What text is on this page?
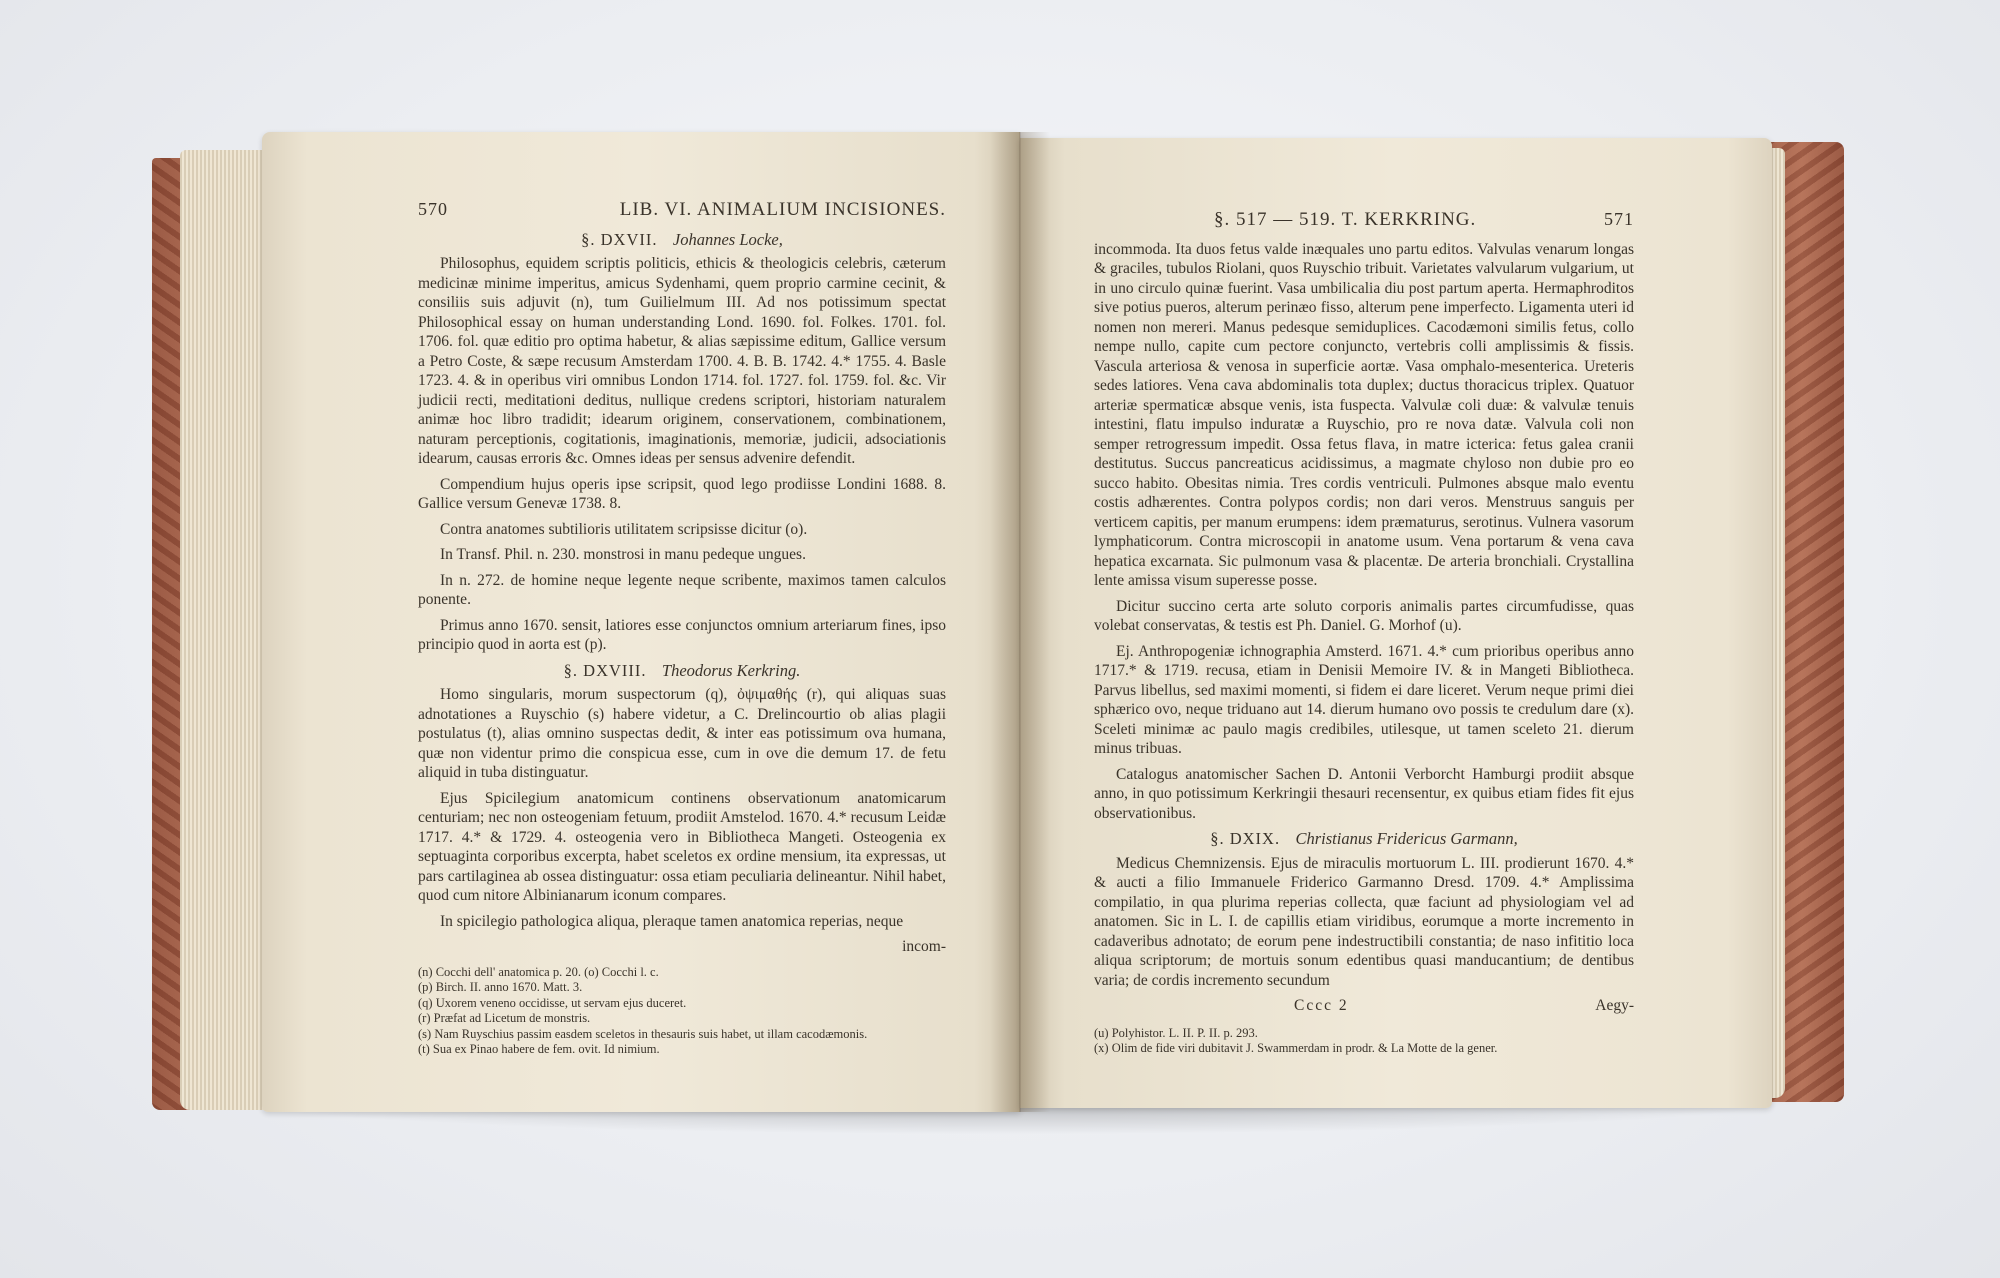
570	LIB. VI. ANIMALIUM INCISIONES.
§. DXVII. Johannes Locke,

Philosophus, equidem scriptis politicis, ethicis & theologicis celebris, cæterum medicinæ minime imperitus, amicus Sydenhami, quem proprio carmine cecinit, & consiliis suis adjuvit (n), tum Guilielmum III. Ad nos potissimum spectat Philosophical essay on human understanding Lond. 1690. fol. Folkes. 1701. fol. 1706. fol. quæ editio pro optima habetur, & alias sæpissime editum, Gallice versum a Petro Coste, & sæpe recusum Amsterdam 1700. 4. B. B. 1742. 4.* 1755. 4. Basle 1723. 4. & in operibus viri omnibus London 1714. fol. 1727. fol. 1759. fol. &c. Vir judicii recti, meditationi deditus, nullique credens scriptori, historiam naturalem animæ hoc libro tradidit; idearum originem, conservationem, combinationem, naturam perceptionis, cogitationis, imaginationis, memoriæ, judicii, adsociationis idearum, causas erroris &c. Omnes ideas per sensus advenire defendit.

Compendium hujus operis ipse scripsit, quod lego prodiisse Londini 1688. 8. Gallice versum Genevæ 1738. 8.

Contra anatomes subtilioris utilitatem scripsisse dicitur (o).

In Transf. Phil. n. 230. monstrosi in manu pedeque ungues.

In n. 272. de homine neque legente neque scribente, maximos tamen calculos ponente.

Primus anno 1670. sensit, latiores esse conjunctos omnium arteriarum fines, ipso principio quod in aorta est (p).

§. DXVIII. Theodorus Kerkring.

Homo singularis, morum suspectorum (q), ὀψιμαθής (r), qui aliquas suas adnotationes a Ruyschio (s) habere videtur, a C. Drelincourtio ob alias plagii postulatus (t), alias omnino suspectas dedit, & inter eas potissimum ova humana, quæ non videntur primo die conspicua esse, cum in ove die demum 17. de fetu aliquid in tuba distinguatur.

Ejus Spicilegium anatomicum continens observationum anatomicarum centuriam; nec non osteogeniam fetuum, prodiit Amstelod. 1670. 4.* recusum Leidæ 1717. 4.* & 1729. 4. osteogenia vero in Bibliotheca Mangeti. Osteogenia ex septuaginta corporibus excerpta, habet sceletos ex ordine mensium, ita expressas, ut pars cartilaginea ab ossea distinguatur: ossa etiam peculiaria delineantur. Nihil habet, quod cum nitore Albinianarum iconum compares.

In spicilegio pathologica aliqua, pleraque tamen anatomica reperias, neque

incom-

(n) Cocchi dell' anatomica p. 20. (o) Cocchi l. c.
(p) Birch. II. anno 1670. Matt. 3.
(q) Uxorem veneno occidisse, ut servam ejus duceret.
(r) Præfat ad Licetum de monstris.
(s) Nam Ruyschius passim easdem sceletos in thesauris suis habet, ut illam cacodæmonis.
(t) Sua ex Pinao habere de fem. ovit. Id nimium.
§. 517 — 519. T. KERKRING.	571

incommoda. Ita duos fetus valde inæquales uno partu editos. Valvulas venarum longas & graciles, tubulos Riolani, quos Ruyschio tribuit. Varietates valvularum vulgarium, ut in uno circulo quinæ fuerint. Vasa umbilicalia diu post partum aperta. Hermaphroditos sive potius pueros, alterum perinæo fisso, alterum pene imperfecto. Ligamenta uteri id nomen non mereri. Manus pedesque semiduplices. Cacodæmoni similis fetus, collo nempe nullo, capite cum pectore conjuncto, vertebris colli amplissimis & fissis. Vascula arteriosa & venosa in superficie aortæ. Vasa omphalo-mesenterica. Ureteris sedes latiores. Vena cava abdominalis tota duplex; ductus thoracicus triplex. Quatuor arteriæ spermaticæ absque venis, ista fuspecta. Valvulæ coli duæ: & valvulæ tenuis intestini, flatu impulso induratæ a Ruyschio, pro re nova datæ. Valvula coli non semper retrogressum impedit. Ossa fetus flava, in matre icterica: fetus galea cranii destitutus. Succus pancreaticus acidissimus, a magmate chyloso non dubie pro eo succo habito. Obesitas nimia. Tres cordis ventriculi. Pulmones absque malo eventu costis adhærentes. Contra polypos cordis; non dari veros. Menstruus sanguis per verticem capitis, per manum erumpens: idem præmaturus, serotinus. Vulnera vasorum lymphaticorum. Contra microscopii in anatome usum. Vena portarum & vena cava hepatica excarnata. Sic pulmonum vasa & placentæ. De arteria bronchiali. Crystallina lente amissa visum superesse posse.

Dicitur succino certa arte soluto corporis animalis partes circumfudisse, quas volebat conservatas, & testis est Ph. Daniel. G. Morhof (u).

Ej. Anthropogeniæ ichnographia Amsterd. 1671. 4.* cum prioribus operibus anno 1717.* & 1719. recusa, etiam in Denisii Memoire IV. & in Mangeti Bibliotheca. Parvus libellus, sed maximi momenti, si fidem ei dare liceret. Verum neque primi diei sphærico ovo, neque triduano aut 14. dierum humano ovo possis te credulum dare (x). Sceleti minimæ ac paulo magis credibiles, utilesque, ut tamen sceleto 21. dierum minus tribuas.

Catalogus anatomischer Sachen D. Antonii Verborcht Hamburgi prodiit absque anno, in quo potissimum Kerkringii thesauri recensentur, ex quibus etiam fides fit ejus observationibus.

§. DXIX. Christianus Fridericus Garmann,

Medicus Chemnizensis. Ejus de miraculis mortuorum L. III. prodierunt 1670. 4.* & aucti a filio Immanuele Friderico Garmanno Dresd. 1709. 4.* Amplissima compilatio, in qua plurima reperias collecta, quæ faciunt ad physiologiam vel ad anatomen. Sic in L. I. de capillis etiam viridibus, eorumque a morte incremento in cadaveribus adnotato; de eorum pene indestructibili constantia; de naso infititio loca aliqua scriptorum; de mortuis sonum edentibus quasi manducantium; de dentibus varia; de cordis incremento secundum

Cccc 2	Aegy-
(u) Polyhistor. L. II. P. II. p. 293.
(x) Olim de fide viri dubitavit J. Swammerdam in prodr. & La Motte de la gener.
